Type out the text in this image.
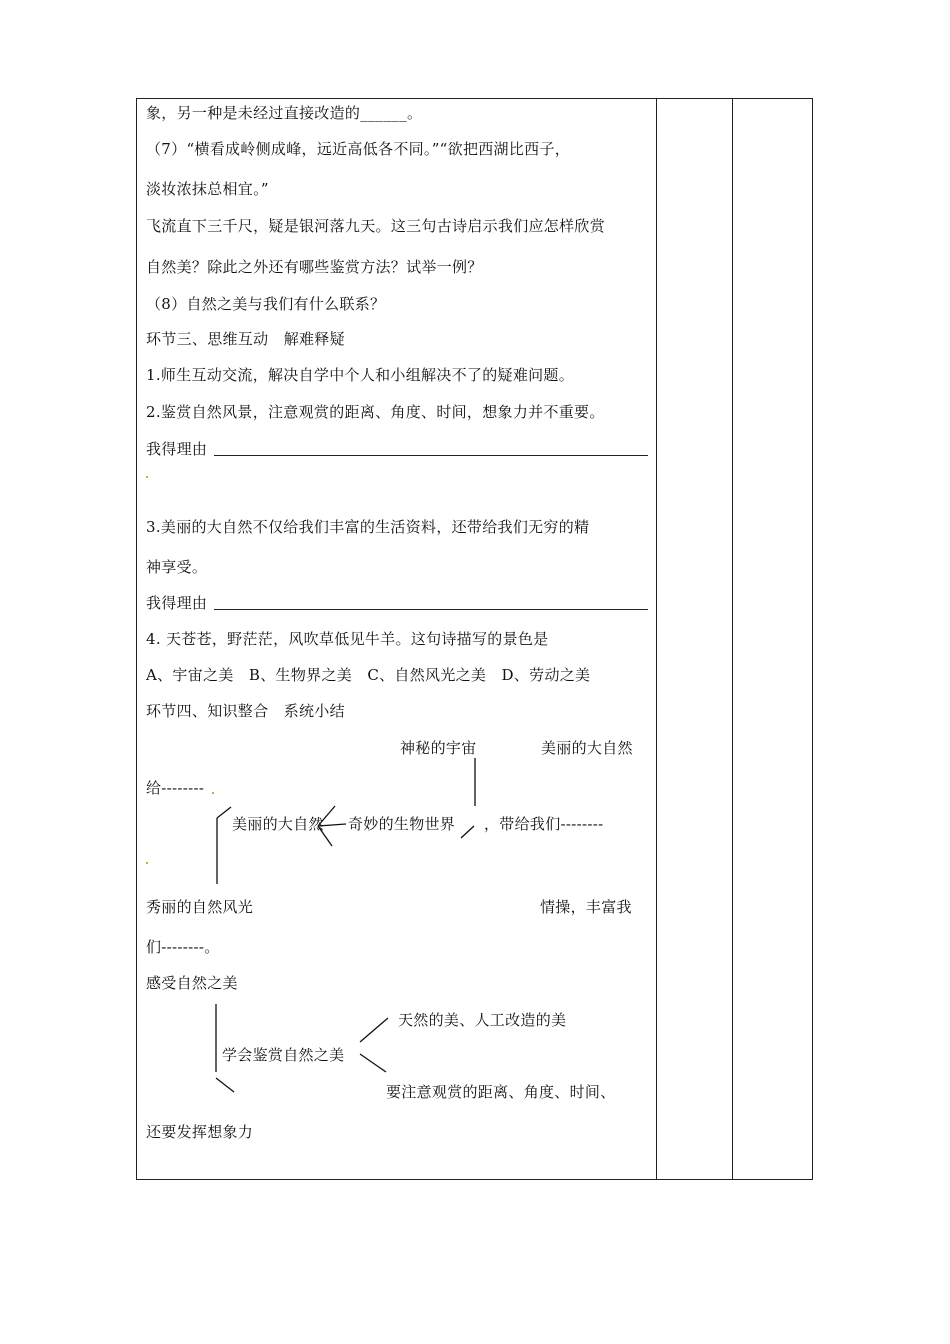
象，另一种是未经过直接改造的______。
（7）“横看成岭侧成峰，远近高低各不同。”“欲把西湖比西子，
淡妆浓抹总相宜。”
飞流直下三千尺，疑是银河落九天。这三句古诗启示我们应怎样欣赏
自然美？除此之外还有哪些鉴赏方法？试举一例？
（8）自然之美与我们有什么联系？
环节三、思维互动　解难释疑
1.师生互动交流，解决自学中个人和小组解决不了的疑难问题。
2.鉴赏自然风景，注意观赏的距离、角度、时间，想象力并不重要。
我得理由
3.美丽的大自然不仅给我们丰富的生活资料，还带给我们无穷的精
神享受。
我得理由
4. 天苍苍，野茫茫，风吹草低见牛羊。这句诗描写的景色是
A、宇宙之美　B、生物界之美　C、自然风光之美　D、劳动之美
环节四、知识整合　系统小结
神秘的宇宙	美丽的大自然
给--------
美丽的大自然 奇妙的生物世界 ，带给我们--------
秀丽的自然风光	情操，丰富我
们--------。
感受自然之美
天然的美、人工改造的美
学会鉴赏自然之美
要注意观赏的距离、角度、时间、
还要发挥想象力
